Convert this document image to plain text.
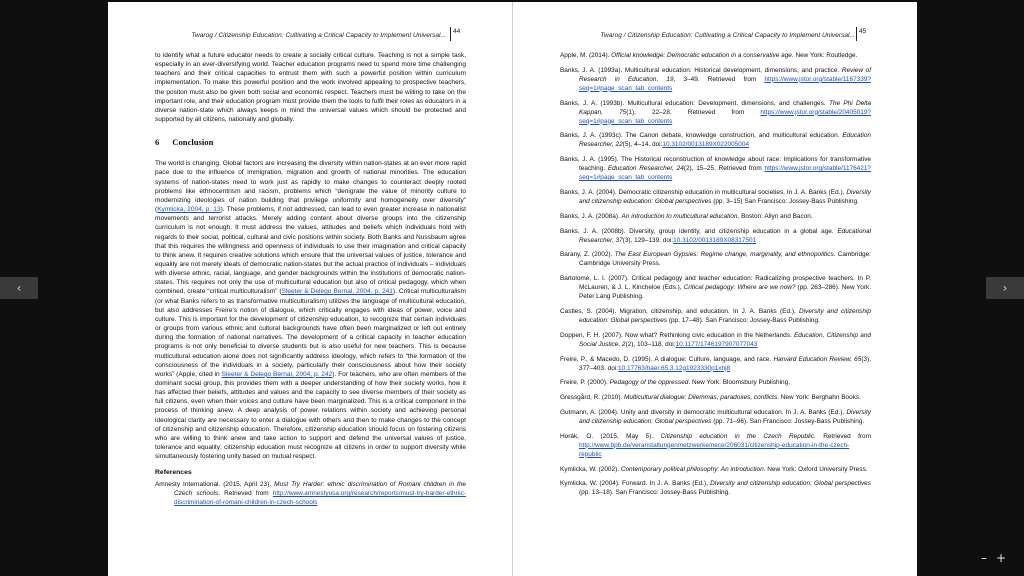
Twarog / Citizenship Education: Cultivating a Critical Capacity to Implement Universal...
44

to identify what a future educator needs to create a socially critical culture. Teaching is not a simple task, especially in an ever-diversifying world. Teacher education programs need to spend more time challenging teachers and their critical capacities to entrust them with such a powerful position within curriculum implementation. To make this powerful position and the work involved appealing to prospective teachers, the positon must also be given both social and economic respect. Teachers must be willing to take on the important role, and their education program must provide them the tools to fulfil their roles as educators in a diverse nation-state which always keeps in mind the universal values which should be protected and supported by all citizens, nationally and globally.

6 Conclusion

The world is changing. Global factors are increasing the diversity within nation-states at an ever more rapid pace due to the influence of immigration, migration and growth of national minorities. The education systems of nation-states need to work just as rapidly to make changes to counteract deeply rooted problems like ethnocentrism and racism, problems which “denigrate the value of minority culture to modernizing ideologies of nation building that privilege uniformity and homogeneity over diversity” (Kymlicka, 2004, p. 13). These problems, if not addressed, can lead to even greater increase in nationalist movements and terrorist attacks. Merely adding content about diverse groups into the citizenship curriculum is not enough. It must address the values, attitudes and beliefs which individuals hold with regards to their social, political, cultural and civic positions within society. Both Banks and Nussbaum agree that this requires the willingness and openness of individuals to use their imagination and critical capacity to think anew. It requires creative solutions which ensure that the universal values of justice, tolerance and equality are not merely ideals of democratic nation-states but the actual practice of individuals – individuals with diverse ethnic, racial, language, and gender backgrounds within the institutions of democratic nation-states. This requires not only the use of multicultural education but also of critical pedagogy, which when combined, create “critical multiculturalism” (Sleeter & Delego Bernal, 2004, p. 241). Critical multiculturalism (or what Banks refers to as transformative multiculturalism) utilizes the language of multicultural education, but also addresses Freire’s notion of dialogue, which critically engages with ideas of power, voice and culture. This is important for the development of citizenship education, to recognize that certain individuals or groups from various ethnic and cultural backgrounds have often been marginalized or left out entirely during the formation of national narratives. The development of a critical capacity in teacher education programs is not only beneficial to diverse students but is also useful for new teachers. This is because multicultural education alone does not significantly address ideology, which refers to “the formation of the consciousness of the individuals in a society, particularly their consciousness about how their society works” (Apple, cited in Sleeter & Delego Bernal, 2004, p. 242). For teachers, who are often members of the dominant social group, this provides them with a deeper understanding of how their society works, how it has affected their beliefs, attitudes and values and the capacity to see diverse members of their society as full citizens, even when their voices and culture have been marginalized. This is a critical component in the process of thinking anew. A deep analysis of power relations within society and achieving personal ideological clarity are necessary to enter a dialogue with others and then to make changes to the concept of citizenship and citizenship education. Therefore, citizenship education should focus on fostering citizens who are willing to think anew and take action to support and defend the universal values of justice, tolerance and equality; citizenship education must recognize all citizens in order to support diversity while simultaneously fostering unity based on mutual respect.

References

Amnesty International. (2015, April 23). Must Try Harder: ethnic discrimination of Romani children in the Czech schools. Retrieved from http://www.amnestyusa.org/research/reports/must-try-harder-ethnic-discrimination-of-romani-children-in-czech-schools

Twarog / Citizenship Education: Cultivating a Critical Capacity to Implement Universal...
45

Apple, M. (2014). Official knowledge: Democratic education in a conservative age. New York: Routledge.

Banks, J. A. (1993a). Multicultural education: Historical development, dimensions, and practice. Review of Research in Education, 19, 3–49. Retrieved from https://www.jstor.org/stable/1167339?seq=1#page_scan_tab_contents

Banks, J. A. (1993b). Multicultural education: Development, dimensions, and challenges. The Phi Delta Kappan, 75(1), 22–28. Retrieved from https://www.jstor.org/stable/20405019?seq=1#page_scan_tab_contents

Banks, J. A. (1993c). The Canon debate, knowledge construction, and multicultural education. Education Researcher, 22(5), 4–14. doi:10.3102/0013189X022005004

Banks, J. A. (1995). The Historical reconstruction of knowledge about race: Implications for transformative teaching. Education Researcher, 24(2), 15–25. Retrieved from https://www.jstor.org/stable/1176421?seq=1#page_scan_tab_contents

Banks, J. A. (2004). Democratic citizenship education in multicultural societies. In J. A. Banks (Ed.), Diversity and citizenship education: Global perspectives (pp. 3–15) San Francisco: Jossey-Bass Publishing.

Banks, J. A. (2008a). An introduction to multicultural education. Boston: Allyn and Bacon.

Banks, J. A. (2008b). Diversity, group identity, and citizenship education in a global age. Educational Researcher, 37(3), 129–139. doi:10.3102/0013189X08317501

Barany, Z. (2002). The East European Gypsies: Regime change, marginality, and ethnopolitics. Cambridge: Cambridge University Press.

Bartolomé, L. I. (2007). Critical pedagogy and teacher education: Radicalizing prospective teachers. In P. McLauren, & J. L. Kincheloe (Eds.), Critical pedagogy: Where are we now? (pp. 263–286). New York: Peter Lang Publishing.

Castles, S. (2004). Migration, citizenship, and education. In J. A. Banks (Ed.), Diversity and citizenship education: Global perspectives (pp. 17–48). San Francisco: Jossey-Bass Publishing.

Doppen, F. H. (2007). Now what? Rethinking civic education in the Netherlands. Education, Citizenship and Social Justice, 2(2), 103–118. doi:10.1177/1746197907077043

Freire, P., & Macedo, D. (1995). A dialogue: Culture, language, and race. Harvard Education Review, 65(3), 377–403. doi:10.17763/haer.65.3.12g1923330p1xhj8

Freire, P. (2000). Pedagogy of the oppressed. New York: Bloomsbury Publishing.

Gressgård, R. (2010). Multicultural dialogue: Dilemmas, paradoxes, conflicts. New York: Berghahn Books.

Gutmann, A. (2004). Unity and diversity in democratic multicultural education. In J. A. Banks (Ed.), Diversity and citizenship education: Global perspectives (pp. 71–96). San Francisco: Jossey-Bass Publishing.

Horák, O. (2015, May 5). Citizenship education in the Czech Republic. Retrieved from http://www.bpb.de/veranstaltungen/netzwerke/nece/206031/citizenship-education-in-the-czech-republic

Kymlicka, W. (2002). Contemporary political philosophy: An introduction. New York: Oxford University Press.

Kymlicka, W. (2004). Forward. In J. A. Banks (Ed.), Diversity and citizenship education: Global perspectives (pp. 13–18). San Francisco: Jossey-Bass Publishing.

‹	›
– +
